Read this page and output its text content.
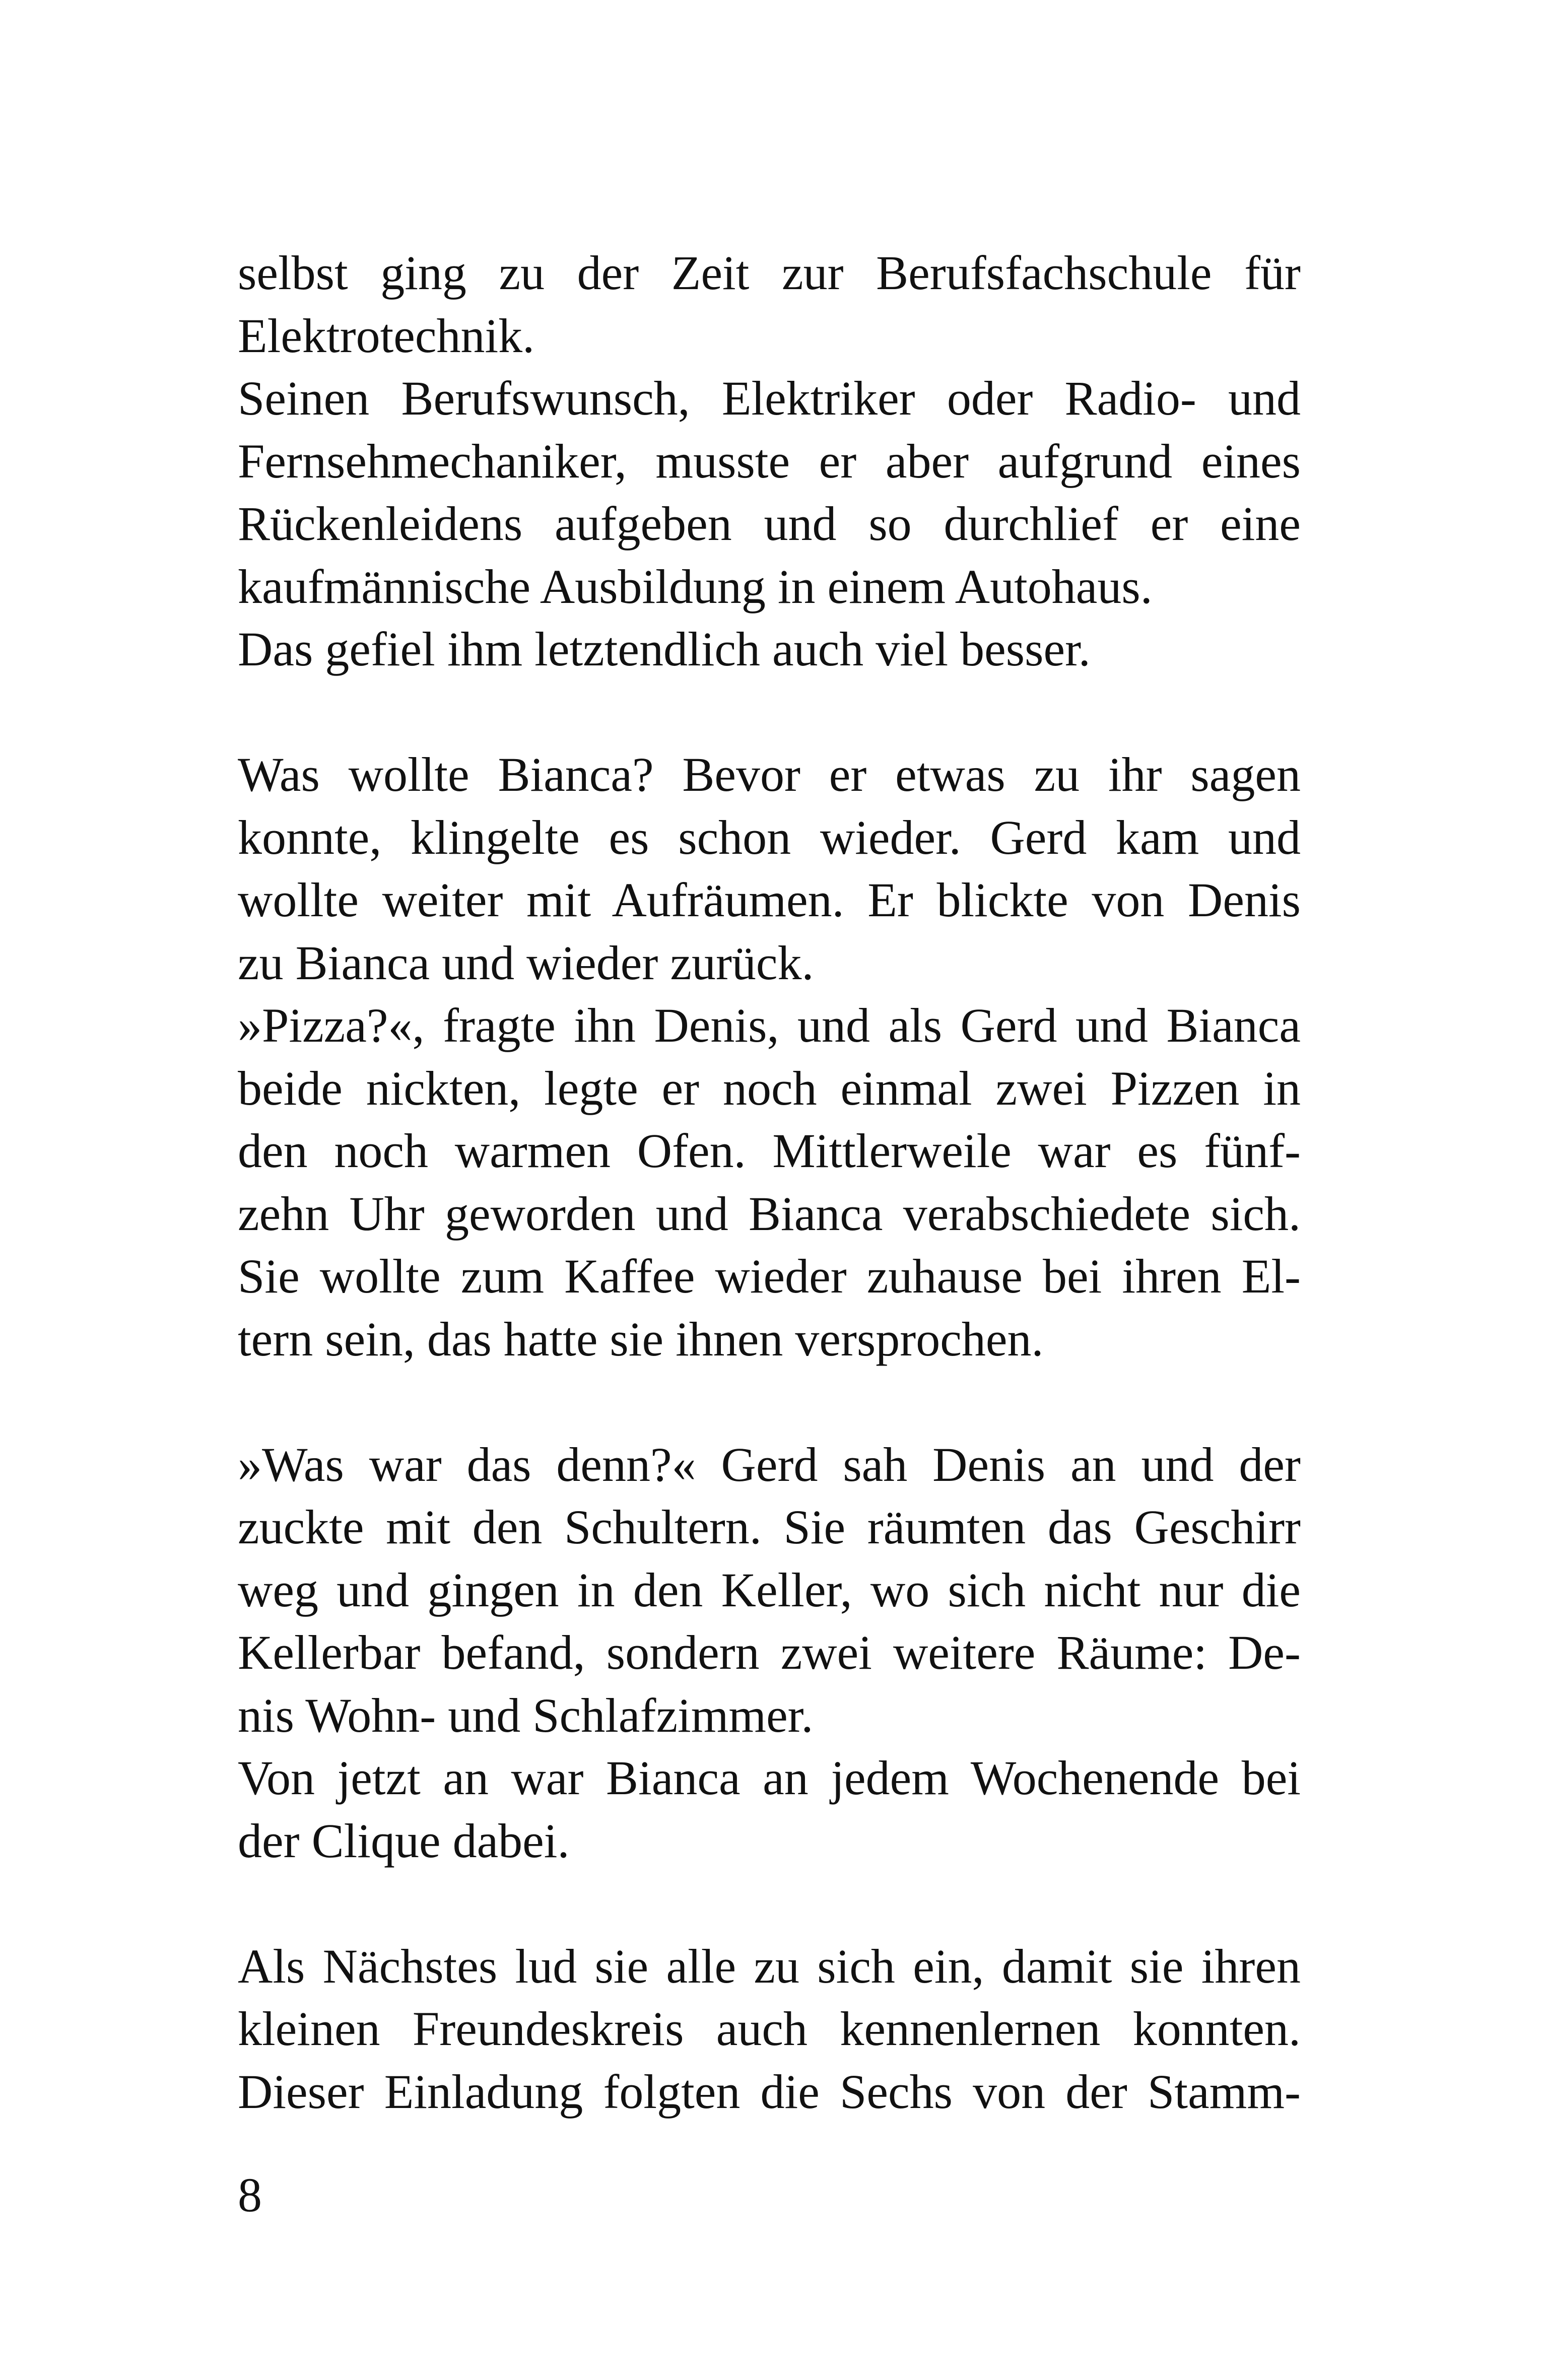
selbst ging zu der Zeit zur Berufsfachschule für
Elektrotechnik.
Seinen Berufswunsch, Elektriker oder Radio- und
Fernsehmechaniker, musste er aber aufgrund eines
Rückenleidens aufgeben und so durchlief er eine
kaufmännische Ausbildung in einem Autohaus.
Das gefiel ihm letztendlich auch viel besser.
Was wollte Bianca? Bevor er etwas zu ihr sagen
konnte, klingelte es schon wieder. Gerd kam und
wollte weiter mit Aufräumen. Er blickte von Denis
zu Bianca und wieder zurück.
»Pizza?«, fragte ihn Denis, und als Gerd und Bianca
beide nickten, legte er noch einmal zwei Pizzen in
den noch warmen Ofen. Mittlerweile war es fünf-
zehn Uhr geworden und Bianca verabschiedete sich.
Sie wollte zum Kaffee wieder zuhause bei ihren El-
tern sein, das hatte sie ihnen versprochen.
»Was war das denn?« Gerd sah Denis an und der
zuckte mit den Schultern. Sie räumten das Geschirr
weg und gingen in den Keller, wo sich nicht nur die
Kellerbar befand, sondern zwei weitere Räume: De-
nis Wohn- und Schlafzimmer.
Von jetzt an war Bianca an jedem Wochenende bei
der Clique dabei.
Als Nächstes lud sie alle zu sich ein, damit sie ihren
kleinen Freundeskreis auch kennenlernen konnten.
Dieser Einladung folgten die Sechs von der Stamm-
8
